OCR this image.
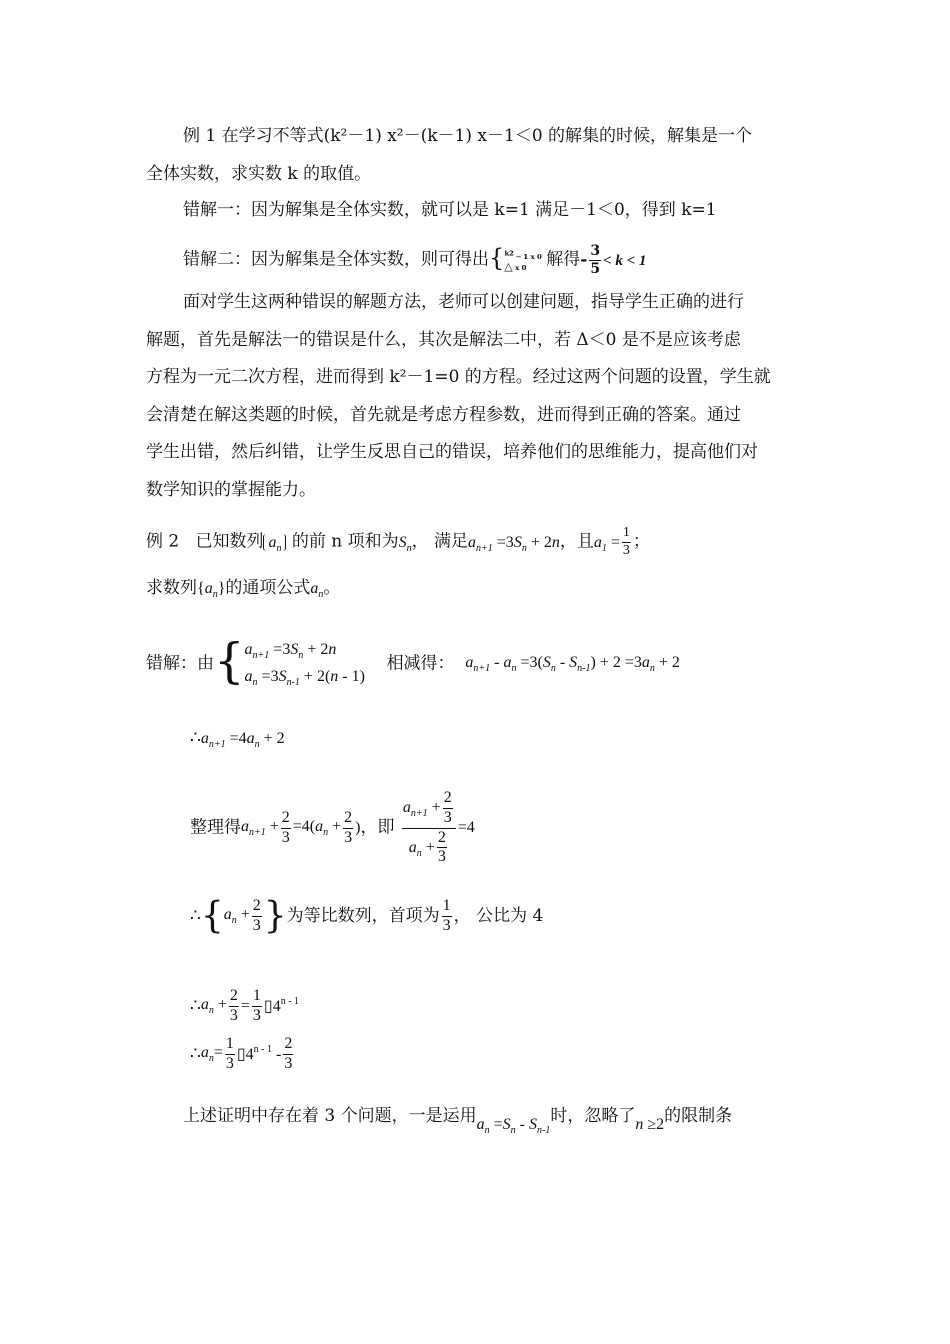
例 1 在学习不等式(k²－1) x²－(k－1) x－1＜0 的解集的时候，解集是一个
全体实数，求实数 k 的取值。
错解一：因为解集是全体实数，就可以是 k=1 满足－1＜0，得到 k=1
错解二：因为解集是全体实数，则可得出 { ᵏ² ₋ ₁ ₓ ₀
△ ₓ ₀	解得- $\frac{3}{5} < k < 1$
面对学生这两种错误的解题方法，老师可以创建问题，指导学生正确的进行
解题，首先是解法一的错误是什么，其次是解法二中，若 Δ＜0 是不是应该考虑
方程为一元二次方程，进而得到 k²－1=0 的方程。经过这两个问题的设置，学生就
会清楚在解这类题的时候，首先就是考虑方程参数，进而得到正确的答案。通过
学生出错，然后纠错，让学生反思自己的错误，培养他们的思维能力，提高他们对
数学知识的掌握能力。
例 2 已知数列 $a_n$ 的前 n 项和为$S_n$， 满足$a_{n+1} =3S_n + 2n$，且$a_1 = \frac{1}{3}$ ；
求数列$\{a_n\}$的通项公式$a_n$。
错解：由 { $a_{n+1} =3S_n + 2n$
$a_n =3S_{n-1} + 2(n - 1)$
相减得： $a_{n+1} - a_n =3(S_n - S_{n-1}) + 2 =3a_n + 2$
$\therefore a_{n+1} =4a_n + 2$
整理得$a_{n+1} + \frac{2}{3} =4(a_n + \frac{2}{3}$ )，即 $\frac{a_{n+1} + \frac{2}{3}}{a_n + \frac{2}{3}} =4$
$\therefore\{a_n + \frac{2}{3}$ }为等比数列，首项为 $\frac{1}{3}$ ， 公比为 4
$\therefore a_n + \frac{2}{3} = \frac{1}{3}$ ▯4$^{n - 1}$
$\therefore a_n= \frac{1}{3}$ ▯4$^{n - 1}$ - $\frac{2}{3}$
上述证明中存在着 3 个问题，一是运用$a_n =S_n - S_{n-1}$时，忽略了n ≥2的限制条
